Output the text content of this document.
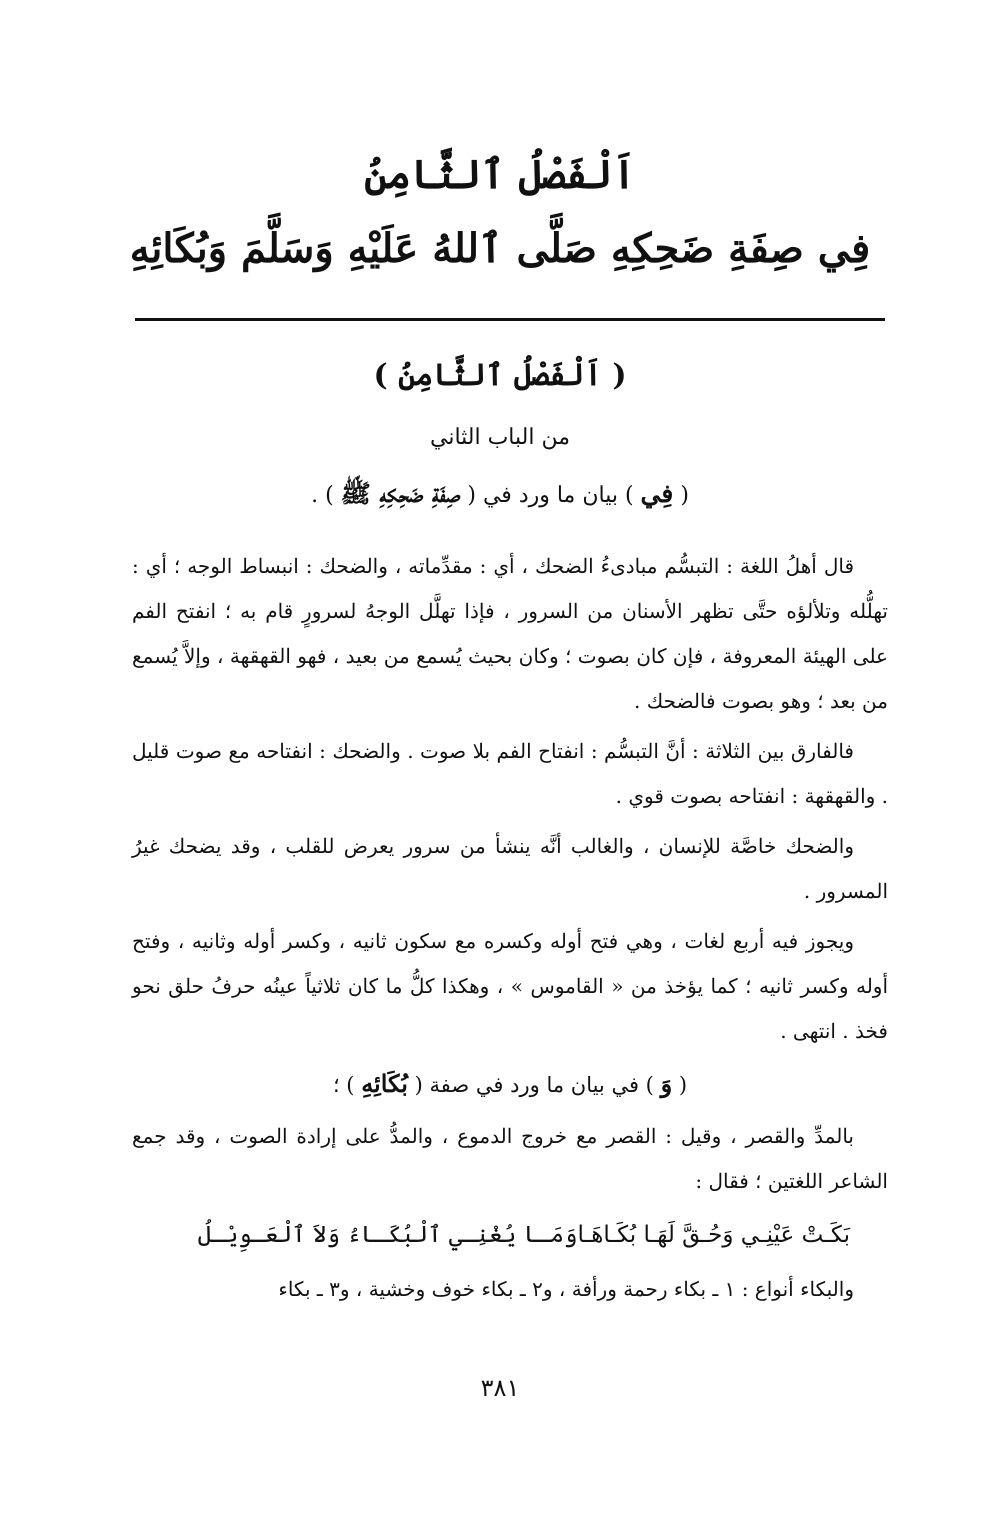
اَلْفَصْلُ ٱلثَّامِنُ
فِي صِفَةِ ضَحِكِهِ صَلَّى ٱللهُ عَلَيْهِ وَسَلَّمَ وَبُكَائِهِ
( اَلْفَصْلُ ٱلثَّامِنُ )
من الباب الثاني
( فِي ) بيان ما ورد في ( صِفَةِ ضَحِكِهِ ﷺ ) .

قال أهلُ اللغة : التبسُّم مبادىءُ الضحك ، أي : مقدِّماته ، والضحك : انبساط الوجه ؛ أي : تهلُّله وتلألؤه حتَّى تظهر الأسنان من السرور ، فإذا تهلَّل الوجهُ لسرورٍ قام به ؛ انفتح الفم على الهيئة المعروفة ، فإن كان بصوت ؛ وكان بحيث يُسمع من بعيد ، فهو القهقهة ، وإلاَّ يُسمع من بعد ؛ وهو بصوت فالضحك .

فالفارق بين الثلاثة : أنَّ التبسُّم : انفتاح الفم بلا صوت . والضحك : انفتاحه مع صوت قليل . والقهقهة : انفتاحه بصوت قوي .

والضحك خاصَّة للإنسان ، والغالب أنَّه ينشأ من سرور يعرض للقلب ، وقد يضحك غيرُ المسرور .

ويجوز فيه أربع لغات ، وهي فتح أوله وكسره مع سكون ثانيه ، وكسر أوله وثانيه ، وفتح أوله وكسر ثانيه ؛ كما يؤخذ من « القاموس » ، وهكذا كلُّ ما كان ثلاثياً عينُه حرفُ حلق نحو فخذ . انتهى .

( وَ ) في بيان ما ورد في صفة ( بُكَائِهِ ) ؛

بالمدِّ والقصر ، وقيل : القصر مع خروج الدموع ، والمدُّ على إرادة الصوت ، وقد جمع الشاعر اللغتين ؛ فقال :

بَكَـتْ عَيْنِـي وَحُـقَّ لَهَـا بُكَـاهَـا
وَمَـا يُغْنِـي ٱلْبُكَـاءُ وَلاَ ٱلْعَـوِيْـلُ

والبكاء أنواع : ١ ـ بكاء رحمة ورأفة ، و٢ ـ بكاء خوف وخشية ، و٣ ـ بكاء

٣٨١
